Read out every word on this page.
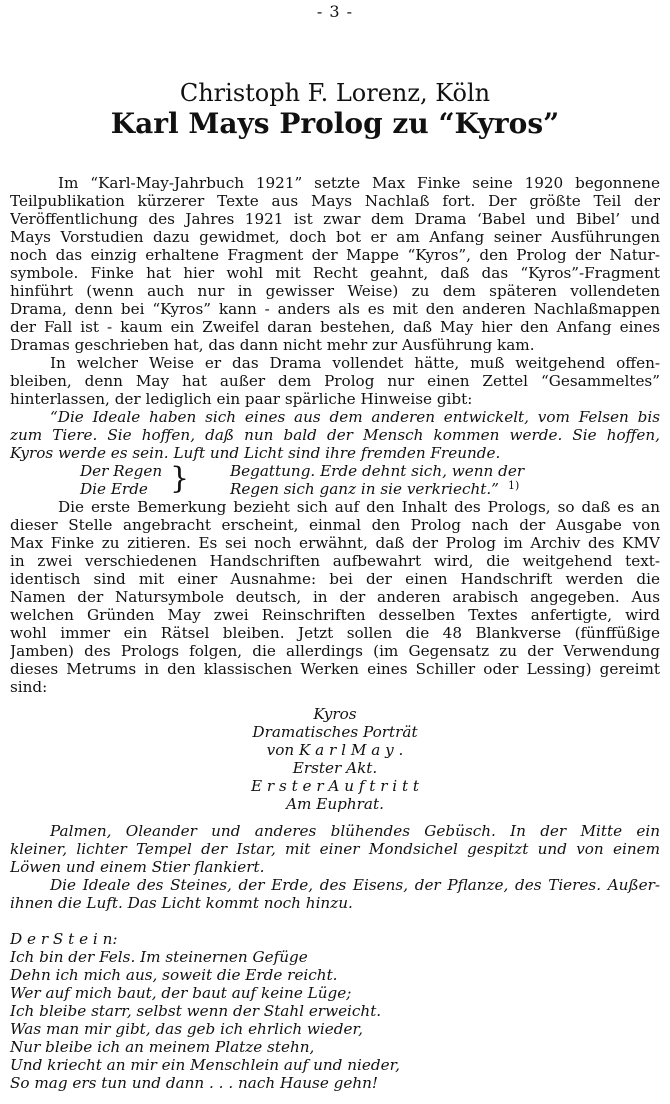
- 3 -
Christoph F. Lorenz, Köln
Karl Mays Prolog zu “Kyros”
Im “Karl-May-Jahrbuch 1921” setzte Max Finke seine 1920 begonnene
Teilpublikation kürzerer Texte aus Mays Nachlaß fort. Der größte Teil der
Veröffentlichung des Jahres 1921 ist zwar dem Drama ‘Babel und Bibel’ und
Mays Vorstudien dazu gewidmet, doch bot er am Anfang seiner Ausführungen
noch das einzig erhaltene Fragment der Mappe “Kyros”, den Prolog der Natur-
symbole. Finke hat hier wohl mit Recht geahnt, daß das “Kyros”-Fragment
hinführt (wenn auch nur in gewisser Weise) zu dem späteren vollendeten
Drama, denn bei “Kyros” kann - anders als es mit den anderen Nachlaßmappen
der Fall ist - kaum ein Zweifel daran bestehen, daß May hier den Anfang eines
Dramas geschrieben hat, das dann nicht mehr zur Ausführung kam.
In welcher Weise er das Drama vollendet hätte, muß weitgehend offen-
bleiben, denn May hat außer dem Prolog nur einen Zettel “Gesammeltes”
hinterlassen, der lediglich ein paar spärliche Hinweise gibt:
“Die Ideale haben sich eines aus dem anderen entwickelt, vom Felsen bis
zum Tiere. Sie hoffen, daß nun bald der Mensch kommen werde. Sie hoffen,
Kyros werde es sein. Luft und Licht sind ihre fremden Freunde.
Der Regen
Die Erde }	Begattung. Erde dehnt sich, wenn der
Regen sich ganz in sie verkriecht.” 1)
Die erste Bemerkung bezieht sich auf den Inhalt des Prologs, so daß es an
dieser Stelle angebracht erscheint, einmal den Prolog nach der Ausgabe von
Max Finke zu zitieren. Es sei noch erwähnt, daß der Prolog im Archiv des KMV
in zwei verschiedenen Handschriften aufbewahrt wird, die weitgehend text-
identisch sind mit einer Ausnahme: bei der einen Handschrift werden die
Namen der Natursymbole deutsch, in der anderen arabisch angegeben. Aus
welchen Gründen May zwei Reinschriften desselben Textes anfertigte, wird
wohl immer ein Rätsel bleiben. Jetzt sollen die 48 Blankverse (fünffüßige
Jamben) des Prologs folgen, die allerdings (im Gegensatz zu der Verwendung
dieses Metrums in den klassischen Werken eines Schiller oder Lessing) gereimt
sind:
Kyros
Dramatisches Porträt
von K a r l M a y .
Erster Akt.
E r s t e r A u f t r i t t
Am Euphrat.
Palmen, Oleander und anderes blühendes Gebüsch. In der Mitte ein
kleiner, lichter Tempel der Istar, mit einer Mondsichel gespitzt und von einem
Löwen und einem Stier flankiert.
Die Ideale des Steines, der Erde, des Eisens, der Pflanze, des Tieres. Außer-
ihnen die Luft. Das Licht kommt noch hinzu.
D e r S t e i n:
Ich bin der Fels. Im steinernen Gefüge
Dehn ich mich aus, soweit die Erde reicht.
Wer auf mich baut, der baut auf keine Lüge;
Ich bleibe starr, selbst wenn der Stahl erweicht.
Was man mir gibt, das geb ich ehrlich wieder,
Nur bleibe ich an meinem Platze stehn,
Und kriecht an mir ein Menschlein auf und nieder,
So mag ers tun und dann . . . nach Hause gehn!
